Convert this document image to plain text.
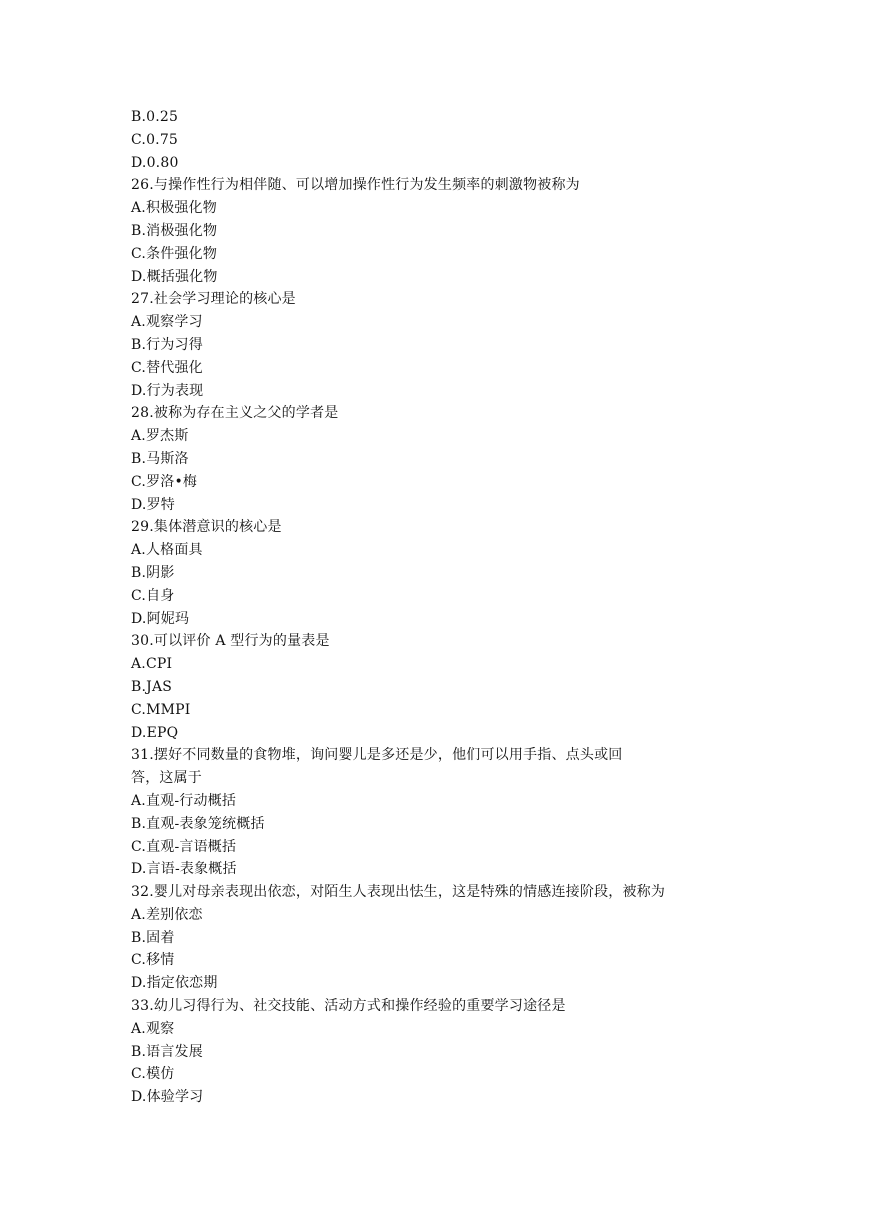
B.0.25
C.0.75
D.0.80
26.与操作性行为相伴随、可以增加操作性行为发生频率的刺激物被称为
A.积极强化物
B.消极强化物
C.条件强化物
D.概括强化物
27.社会学习理论的核心是
A.观察学习
B.行为习得
C.替代强化
D.行为表现
28.被称为存在主义之父的学者是
A.罗杰斯
B.马斯洛
C.罗洛•梅
D.罗特
29.集体潜意识的核心是
A.人格面具
B.阴影
C.自身
D.阿妮玛
30.可以评价 A 型行为的量表是
A.CPI
B.JAS
C.MMPI
D.EPQ
31.摆好不同数量的食物堆，询问婴儿是多还是少，他们可以用手指、点头或回
答，这属于
A.直观-行动概括
B.直观-表象笼统概括
C.直观-言语概括
D.言语-表象概括
32.婴儿对母亲表现出依恋，对陌生人表现出怯生，这是特殊的情感连接阶段，被称为
A.差别依恋
B.固着
C.移情
D.指定依恋期
33.幼儿习得行为、社交技能、活动方式和操作经验的重要学习途径是
A.观察
B.语言发展
C.模仿
D.体验学习
